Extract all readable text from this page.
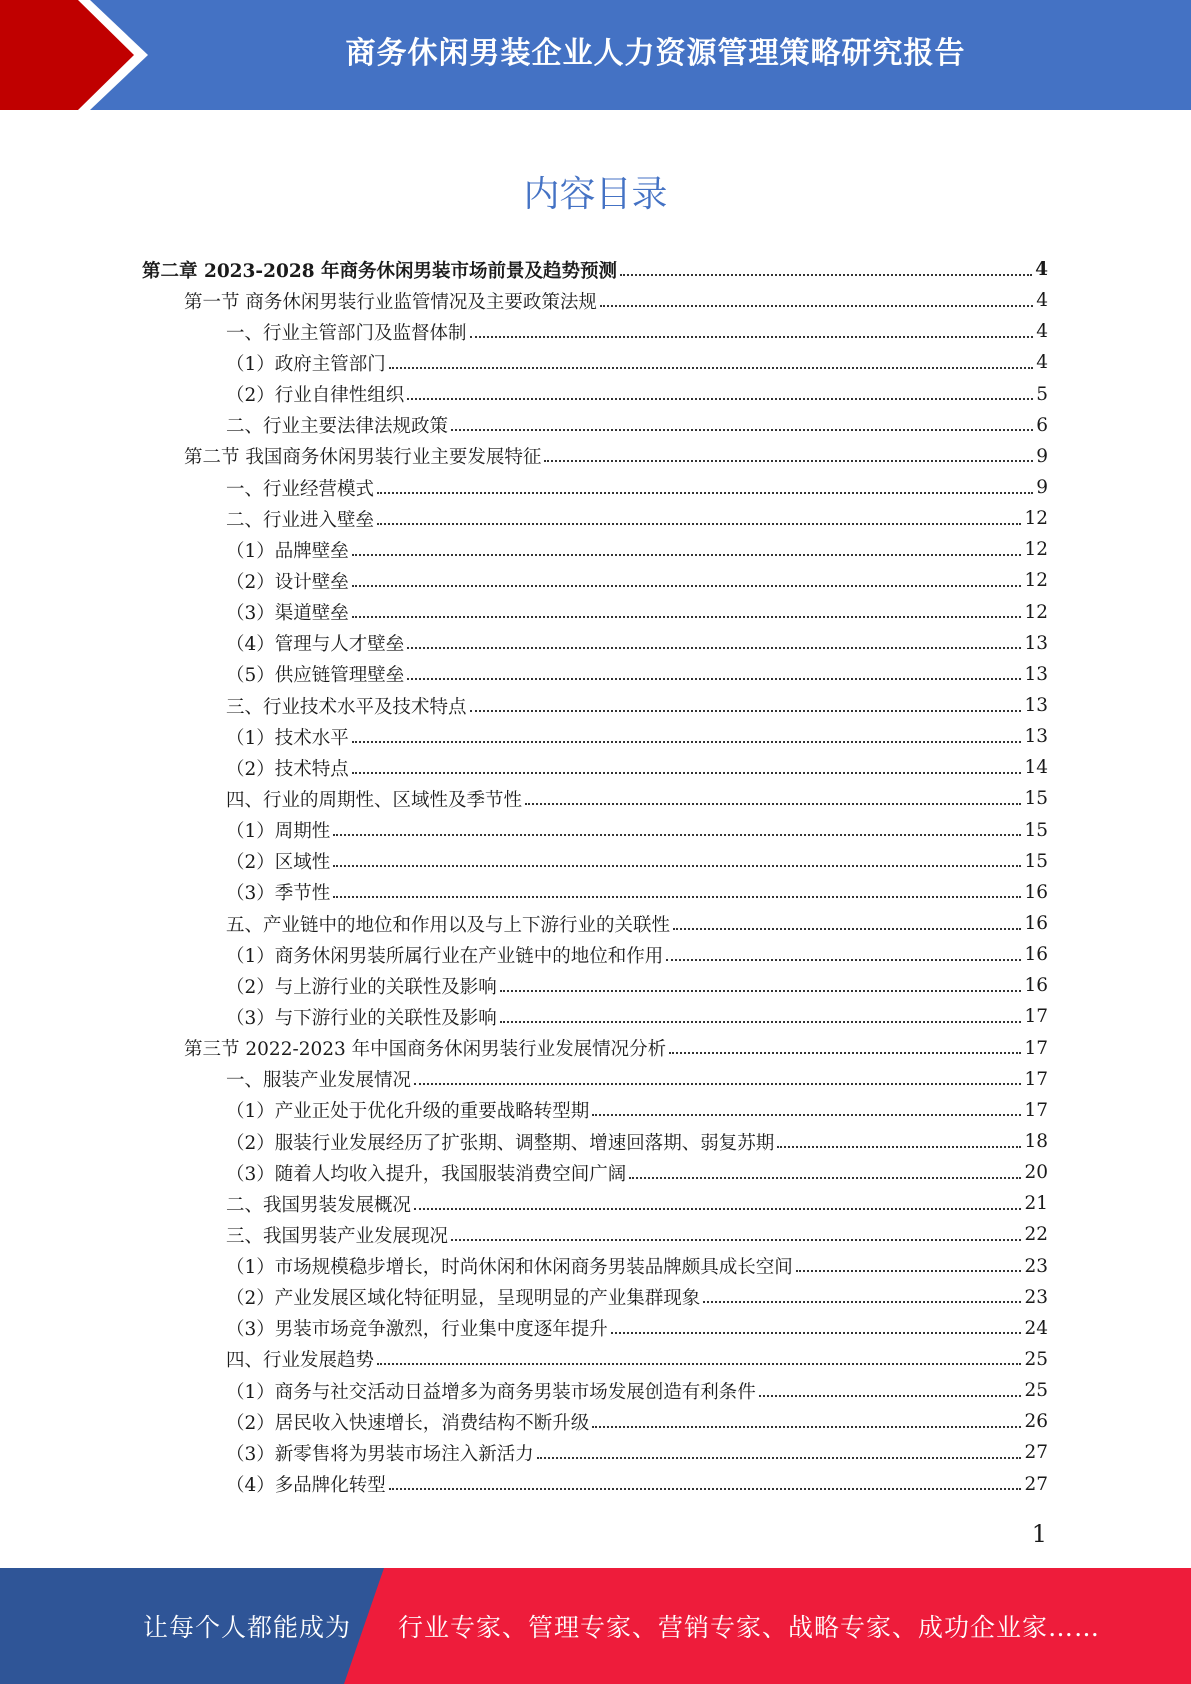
商务休闲男装企业人力资源管理策略研究报告
内容目录
第二章 2023-2028 年商务休闲男装市场前景及趋势预测	4
第一节 商务休闲男装行业监管情况及主要政策法规	4
一、行业主管部门及监督体制	4
（1）政府主管部门	4
（2）行业自律性组织	5
二、行业主要法律法规政策	6
第二节 我国商务休闲男装行业主要发展特征	9
一、行业经营模式	9
二、行业进入壁垒	12
（1）品牌壁垒	12
（2）设计壁垒	12
（3）渠道壁垒	12
（4）管理与人才壁垒	13
（5）供应链管理壁垒	13
三、行业技术水平及技术特点	13
（1）技术水平	13
（2）技术特点	14
四、行业的周期性、区域性及季节性	15
（1）周期性	15
（2）区域性	15
（3）季节性	16
五、产业链中的地位和作用以及与上下游行业的关联性	16
（1）商务休闲男装所属行业在产业链中的地位和作用	16
（2）与上游行业的关联性及影响	16
（3）与下游行业的关联性及影响	17
第三节 2022-2023 年中国商务休闲男装行业发展情况分析	17
一、服装产业发展情况	17
（1）产业正处于优化升级的重要战略转型期	17
（2）服装行业发展经历了扩张期、调整期、增速回落期、弱复苏期	18
（3）随着人均收入提升，我国服装消费空间广阔	20
二、我国男装发展概况	21
三、我国男装产业发展现况	22
（1）市场规模稳步增长，时尚休闲和休闲商务男装品牌颇具成长空间	23
（2）产业发展区域化特征明显，呈现明显的产业集群现象	23
（3）男装市场竞争激烈，行业集中度逐年提升	24
四、行业发展趋势	25
（1）商务与社交活动日益增多为商务男装市场发展创造有利条件	25
（2）居民收入快速增长，消费结构不断升级	26
（3）新零售将为男装市场注入新活力	27
（4）多品牌化转型	27
1
让每个人都能成为 行业专家、管理专家、营销专家、战略专家、成功企业家……
